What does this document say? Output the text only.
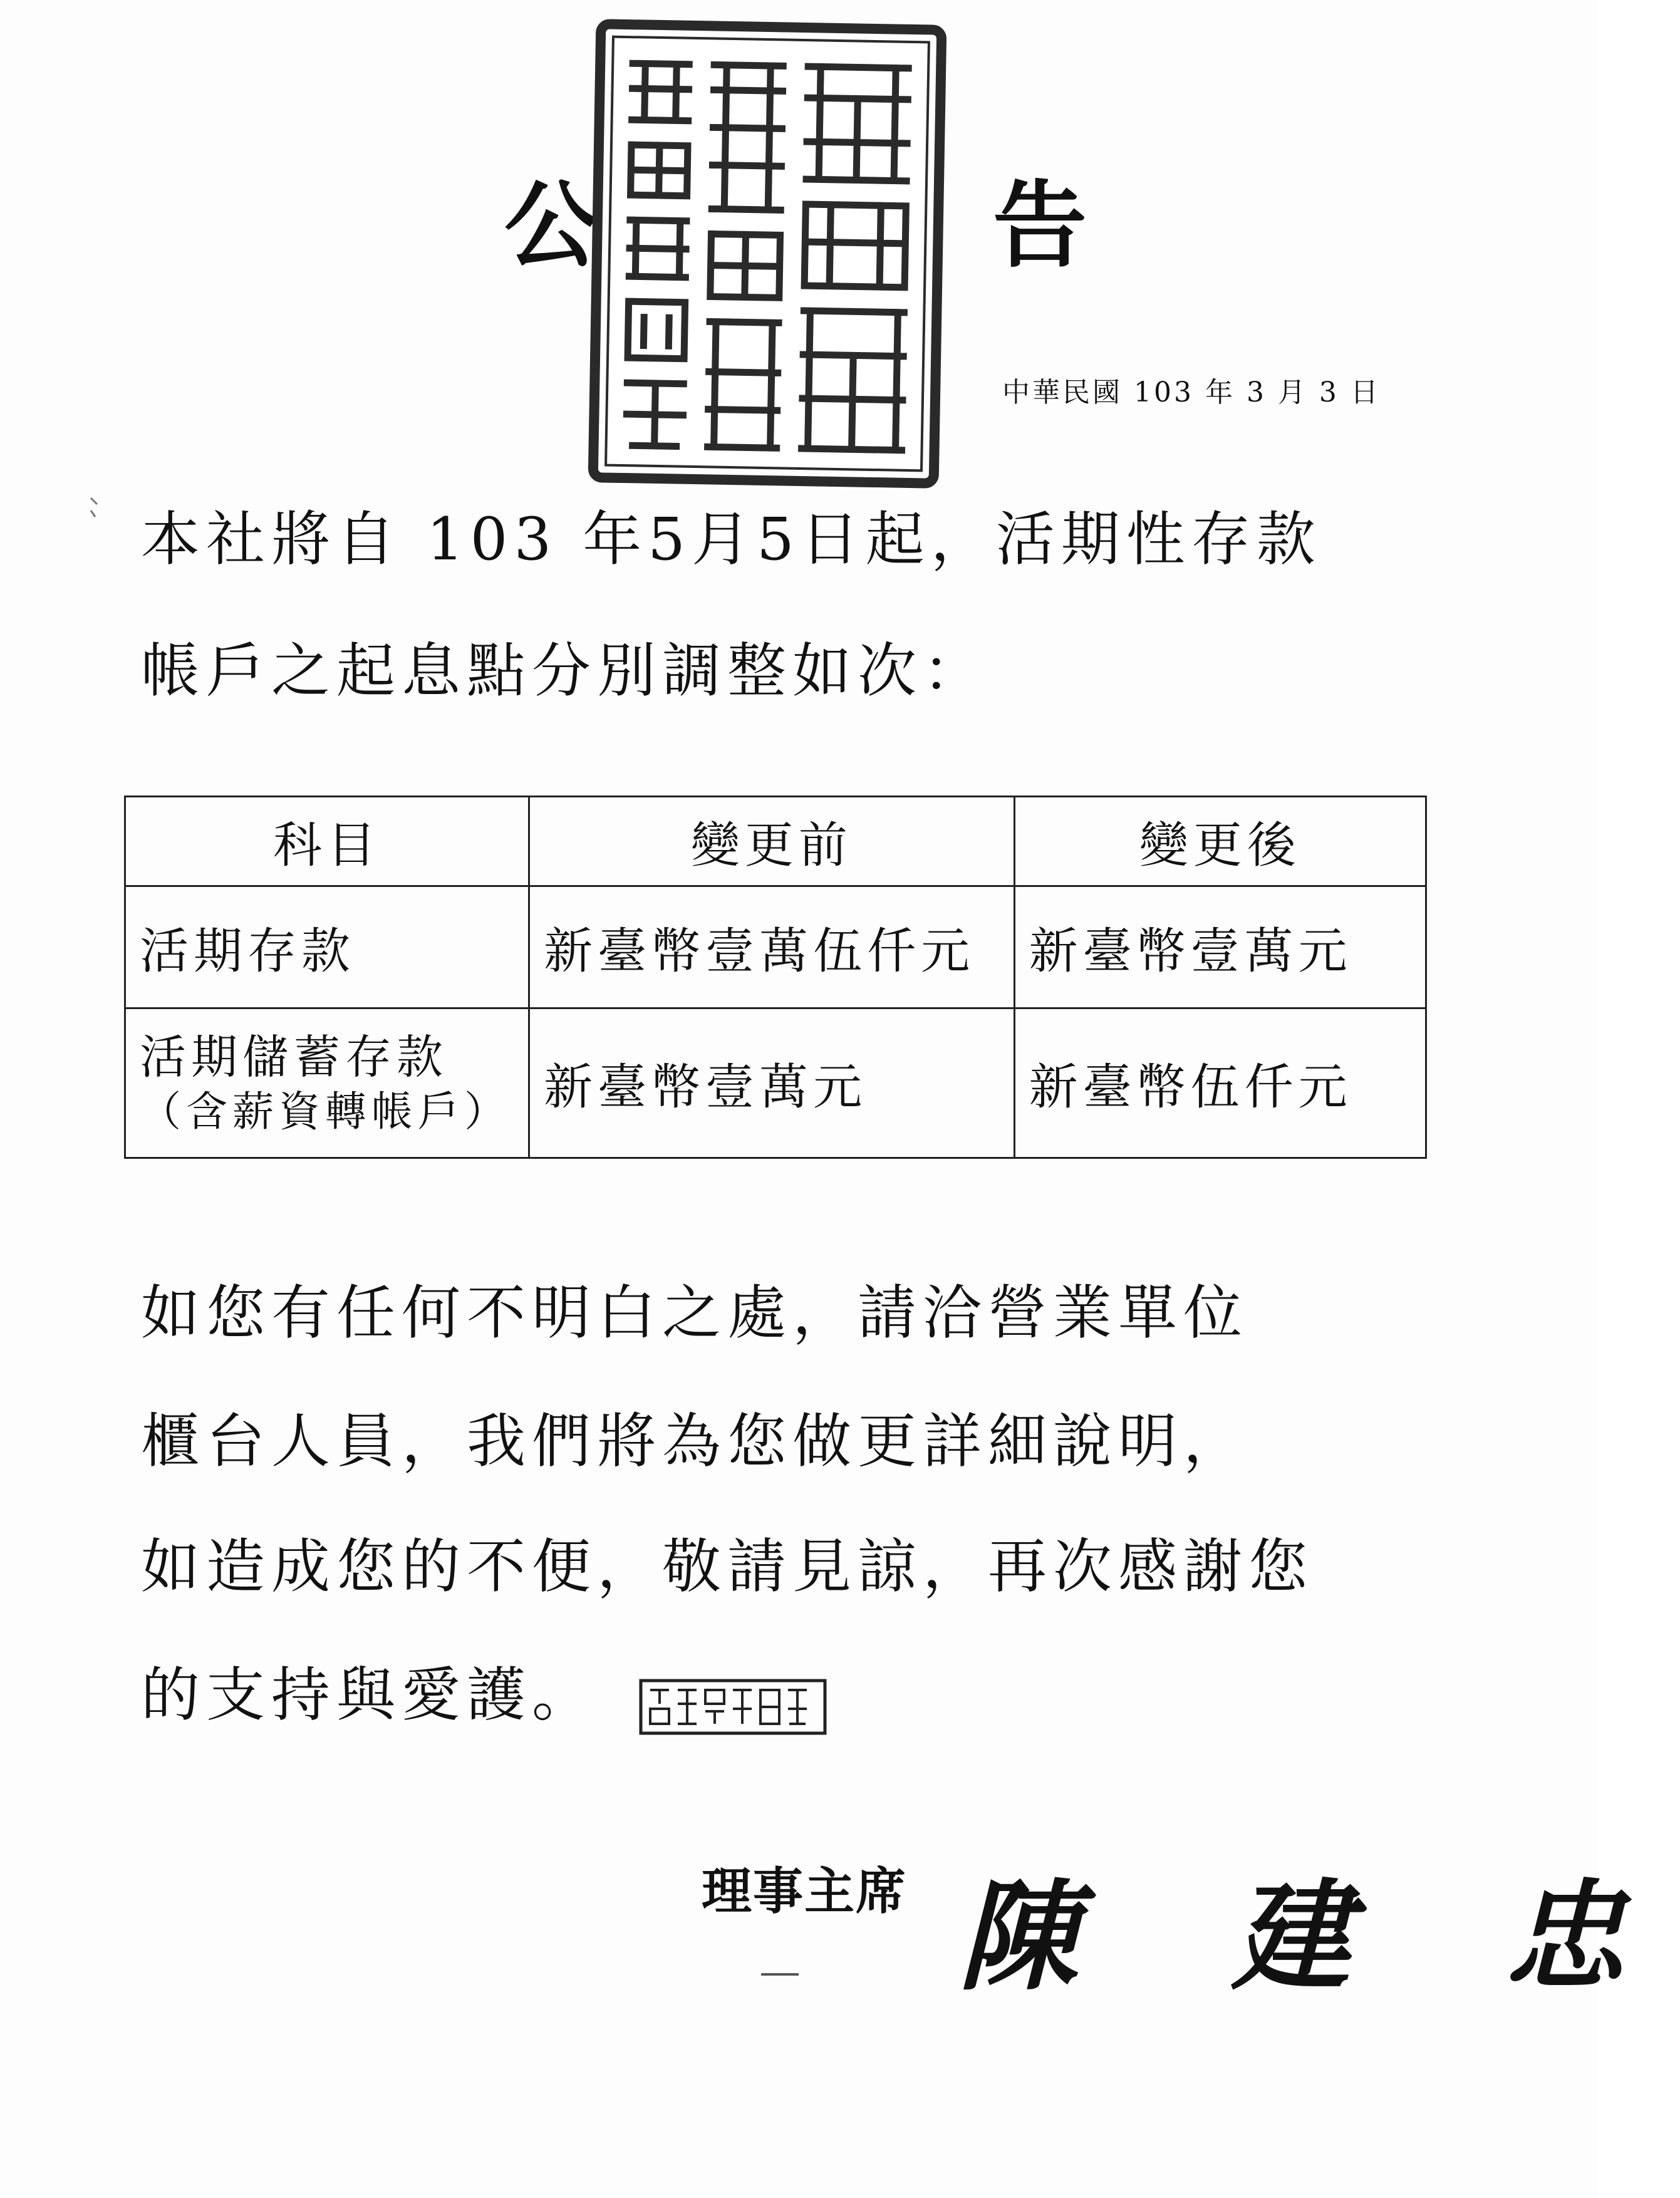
公	告
中華民國 103 年 3 月 3 日
本社將自 103 年5月5日起，活期性存款
帳戶之起息點分別調整如次：
科目	變更前	變更後
活期存款	新臺幣壹萬伍仟元	新臺幣壹萬元

活期儲蓄存款
（含薪資轉帳戶）	新臺幣壹萬元	新臺幣伍仟元
如您有任何不明白之處，請洽營業單位
櫃台人員，我們將為您做更詳細說明，
如造成您的不便，敬請見諒，再次感謝您
的支持與愛護。
理事主席 陳 建 忠
